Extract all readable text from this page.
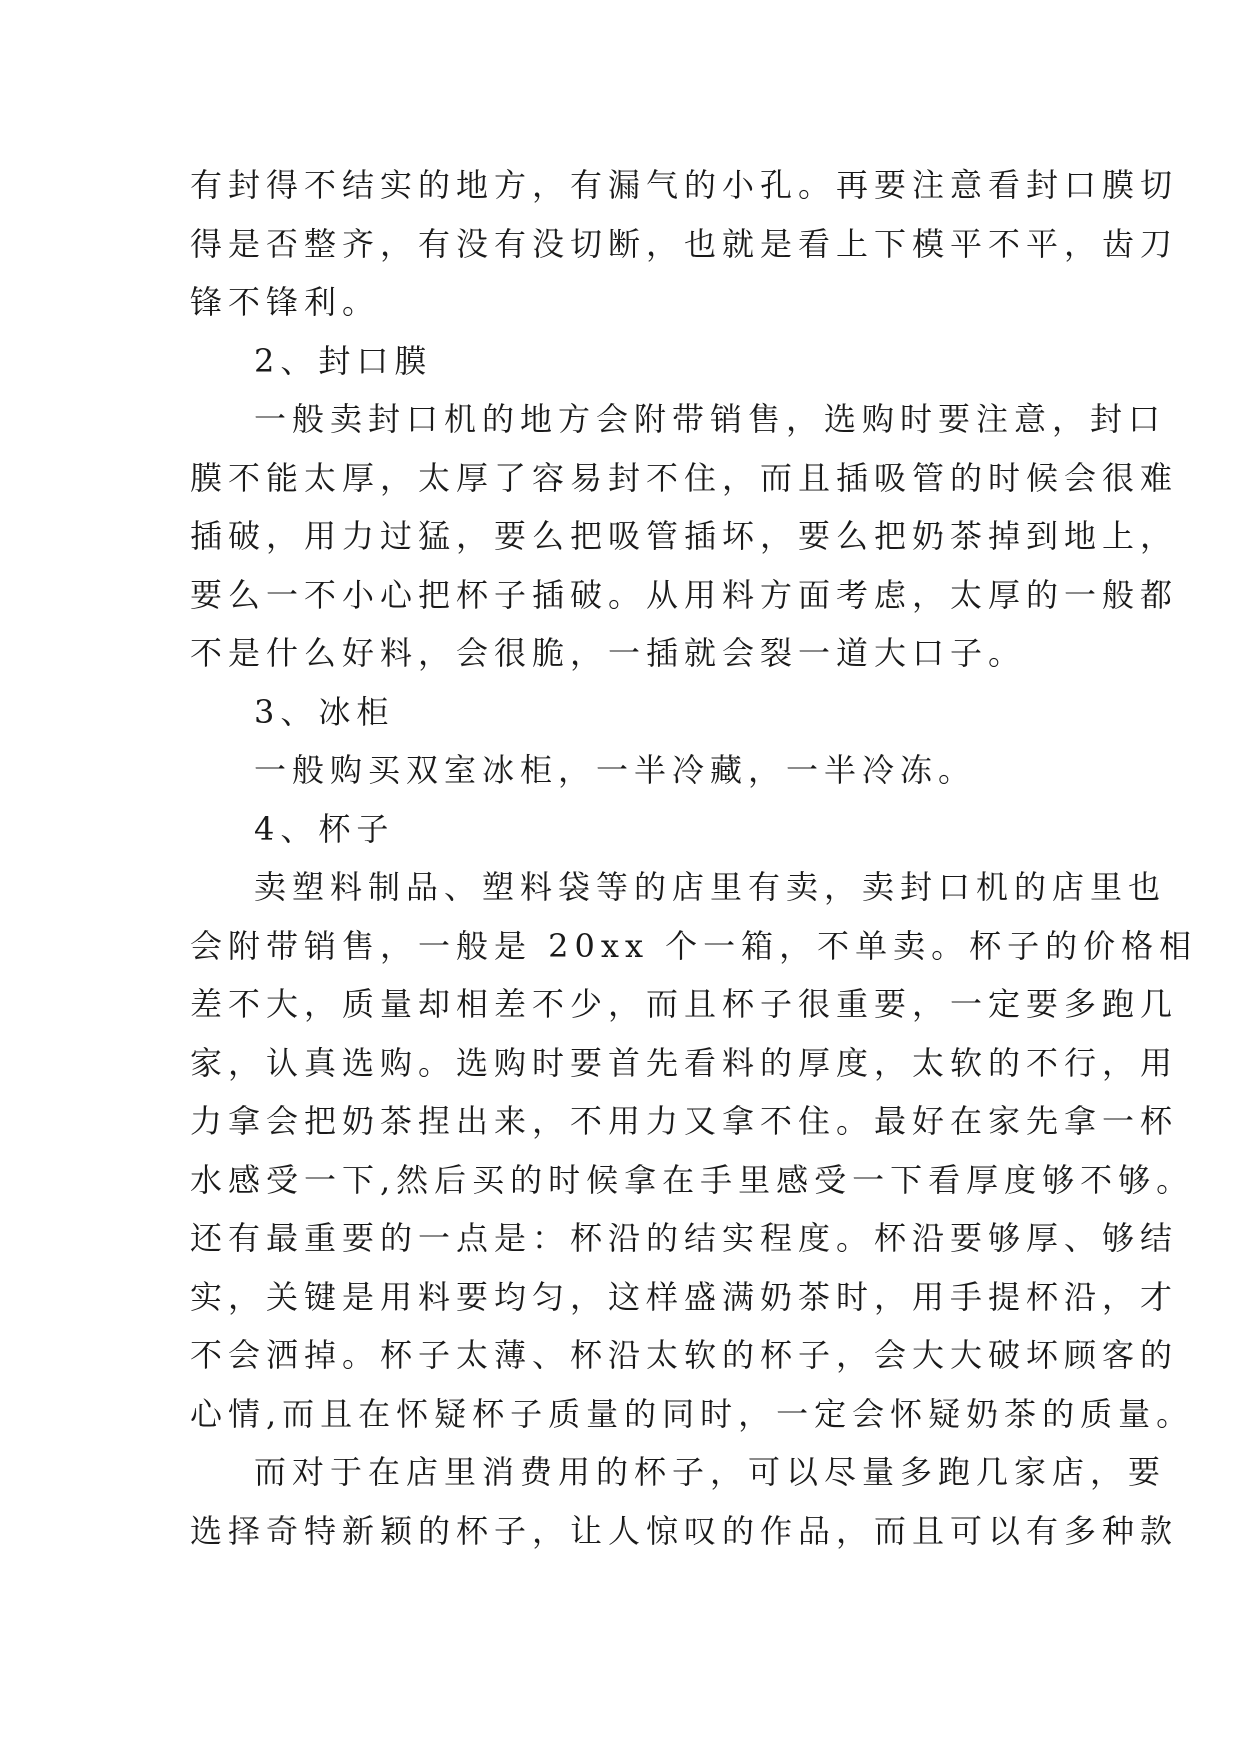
有封得不结实的地方，有漏气的小孔。再要注意看封口膜切
得是否整齐，有没有没切断，也就是看上下模平不平，齿刀
锋不锋利。
2、封口膜
一般卖封口机的地方会附带销售，选购时要注意，封口
膜不能太厚，太厚了容易封不住，而且插吸管的时候会很难
插破，用力过猛，要么把吸管插坏，要么把奶茶掉到地上，
要么一不小心把杯子插破。从用料方面考虑，太厚的一般都
不是什么好料，会很脆，一插就会裂一道大口子。
3、冰柜
一般购买双室冰柜，一半冷藏，一半冷冻。
4、杯子
卖塑料制品、塑料袋等的店里有卖，卖封口机的店里也
会附带销售，一般是 20xx 个一箱，不单卖。杯子的价格相
差不大，质量却相差不少，而且杯子很重要，一定要多跑几
家，认真选购。选购时要首先看料的厚度，太软的不行，用
力拿会把奶茶捏出来，不用力又拿不住。最好在家先拿一杯
水感受一下,然后买的时候拿在手里感受一下看厚度够不够。
还有最重要的一点是：杯沿的结实程度。杯沿要够厚、够结
实，关键是用料要均匀，这样盛满奶茶时，用手提杯沿，才
不会洒掉。杯子太薄、杯沿太软的杯子，会大大破坏顾客的
心情,而且在怀疑杯子质量的同时，一定会怀疑奶茶的质量。
而对于在店里消费用的杯子，可以尽量多跑几家店，要
选择奇特新颖的杯子，让人惊叹的作品，而且可以有多种款
